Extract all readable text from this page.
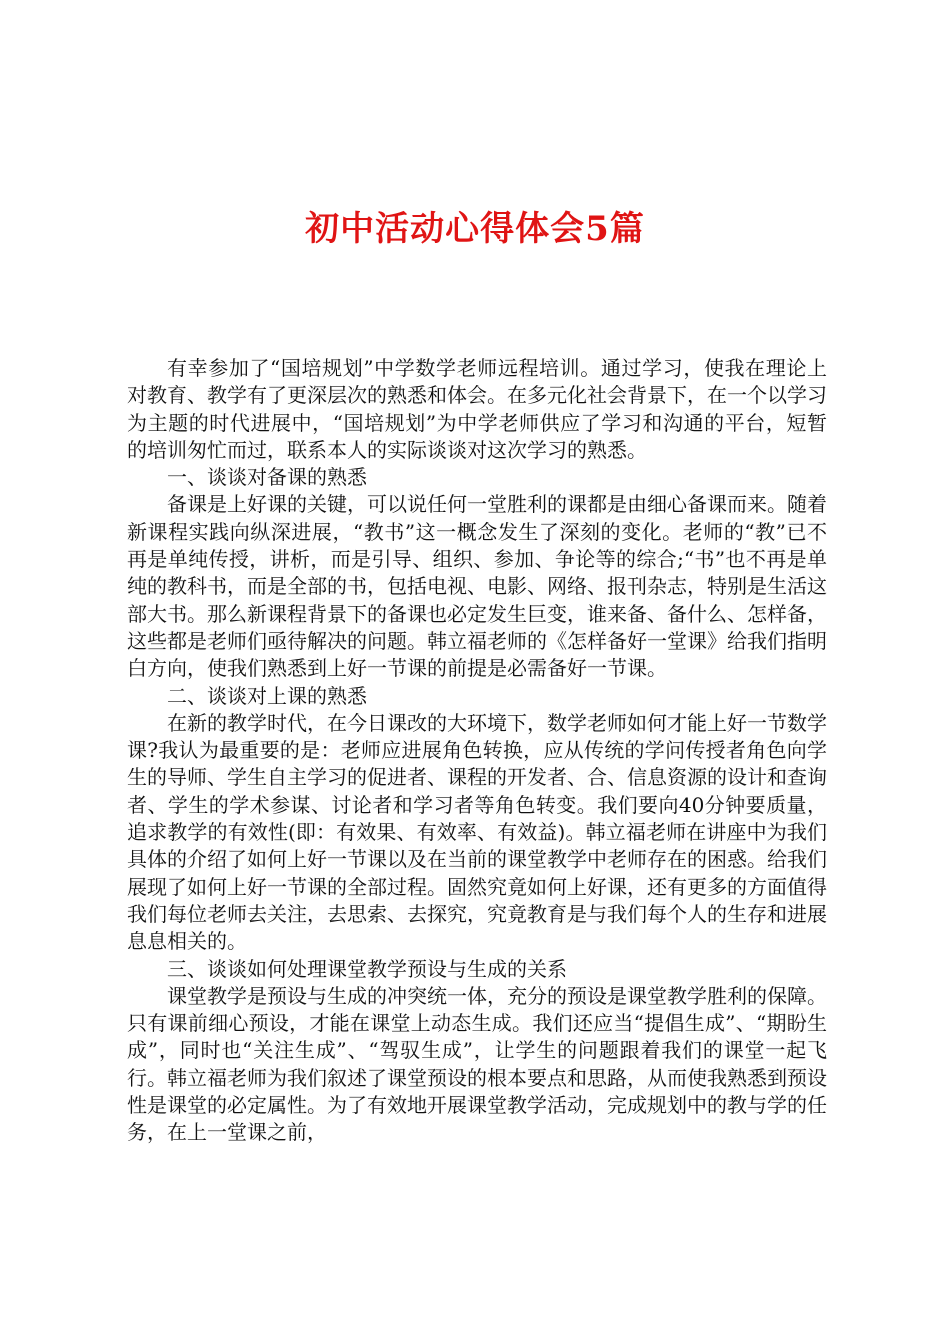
初中活动心得体会5篇

有幸参加了“国培规划”中学数学老师远程培训。通过学习，使我在理论上对教育、教学有了更深层次的熟悉和体会。在多元化社会背景下，在一个以学习为主题的时代进展中，“国培规划”为中学老师供应了学习和沟通的平台，短暂的培训匆忙而过，联系本人的实际谈谈对这次学习的熟悉。

一、谈谈对备课的熟悉

备课是上好课的关键，可以说任何一堂胜利的课都是由细心备课而来。随着新课程实践向纵深进展，“教书”这一概念发生了深刻的变化。老师的“教”已不再是单纯传授，讲析，而是引导、组织、参加、争论等的综合;“书”也不再是单纯的教科书，而是全部的书，包括电视、电影、网络、报刊杂志，特别是生活这部大书。那么新课程背景下的备课也必定发生巨变，谁来备、备什么、怎样备，这些都是老师们亟待解决的问题。韩立福老师的《怎样备好一堂课》给我们指明白方向，使我们熟悉到上好一节课的前提是必需备好一节课。

二、谈谈对上课的熟悉

在新的教学时代，在今日课改的大环境下，数学老师如何才能上好一节数学课?我认为最重要的是：老师应进展角色转换，应从传统的学问传授者角色向学生的导师、学生自主学习的促进者、课程的开发者、合、信息资源的设计和查询者、学生的学术参谋、讨论者和学习者等角色转变。我们要向40分钟要质量，追求教学的有效性(即：有效果、有效率、有效益)。韩立福老师在讲座中为我们具体的介绍了如何上好一节课以及在当前的课堂教学中老师存在的困惑。给我们展现了如何上好一节课的全部过程。固然究竟如何上好课，还有更多的方面值得我们每位老师去关注，去思索、去探究，究竟教育是与我们每个人的生存和进展息息相关的。

三、谈谈如何处理课堂教学预设与生成的关系

课堂教学是预设与生成的冲突统一体，充分的预设是课堂教学胜利的保障。只有课前细心预设，才能在课堂上动态生成。我们还应当“提倡生成”、“期盼生成”，同时也“关注生成”、“驾驭生成”，让学生的问题跟着我们的课堂一起飞行。韩立福老师为我们叙述了课堂预设的根本要点和思路，从而使我熟悉到预设性是课堂的必定属性。为了有效地开展课堂教学活动，完成规划中的教与学的任务，在上一堂课之前，
